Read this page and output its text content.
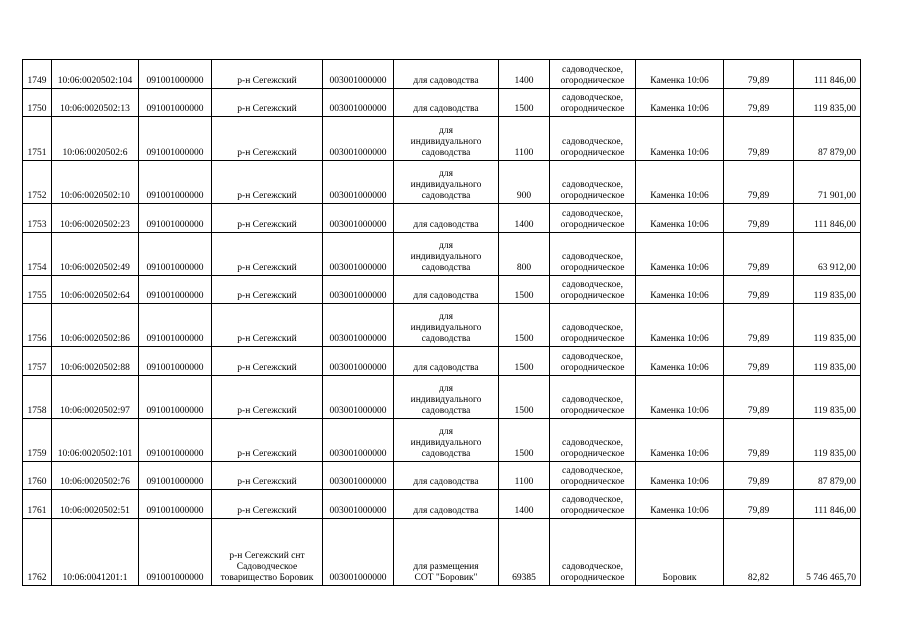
1749	10:06:0020502:104	091001000000	р-н Сегежский	003001000000	для садоводства	1400	садоводческое,
огородническое	Каменка 10:06	79,89	111 846,00
1750	10:06:0020502:13	091001000000	р-н Сегежский	003001000000	для садоводства	1500	садоводческое,
огородническое	Каменка 10:06	79,89	119 835,00
1751	10:06:0020502:6	091001000000	р-н Сегежский	003001000000	для
индивидуального
садоводства	1100	садоводческое,
огородническое	Каменка 10:06	79,89	87 879,00
1752	10:06:0020502:10	091001000000	р-н Сегежский	003001000000	для
индивидуального
садоводства	900	садоводческое,
огородническое	Каменка 10:06	79,89	71 901,00
1753	10:06:0020502:23	091001000000	р-н Сегежский	003001000000	для садоводства	1400	садоводческое,
огородническое	Каменка 10:06	79,89	111 846,00
1754	10:06:0020502:49	091001000000	р-н Сегежский	003001000000	для
индивидуального
садоводства	800	садоводческое,
огородническое	Каменка 10:06	79,89	63 912,00
1755	10:06:0020502:64	091001000000	р-н Сегежский	003001000000	для садоводства	1500	садоводческое,
огородническое	Каменка 10:06	79,89	119 835,00
1756	10:06:0020502:86	091001000000	р-н Сегежский	003001000000	для
индивидуального
садоводства	1500	садоводческое,
огородническое	Каменка 10:06	79,89	119 835,00
1757	10:06:0020502:88	091001000000	р-н Сегежский	003001000000	для садоводства	1500	садоводческое,
огородническое	Каменка 10:06	79,89	119 835,00
1758	10:06:0020502:97	091001000000	р-н Сегежский	003001000000	для
индивидуального
садоводства	1500	садоводческое,
огородническое	Каменка 10:06	79,89	119 835,00
1759	10:06:0020502:101	091001000000	р-н Сегежский	003001000000	для
индивидуального
садоводства	1500	садоводческое,
огородническое	Каменка 10:06	79,89	119 835,00
1760	10:06:0020502:76	091001000000	р-н Сегежский	003001000000	для садоводства	1100	садоводческое,
огородническое	Каменка 10:06	79,89	87 879,00
1761	10:06:0020502:51	091001000000	р-н Сегежский	003001000000	для садоводства	1400	садоводческое,
огородническое	Каменка 10:06	79,89	111 846,00
1762	10:06:0041201:1	091001000000	р-н Сегежский снт
Садоводческое
товарищество Боровик	003001000000	для размещения
СОТ "Боровик"	69385	садоводческое,
огородническое	Боровик	82,82	5 746 465,70
